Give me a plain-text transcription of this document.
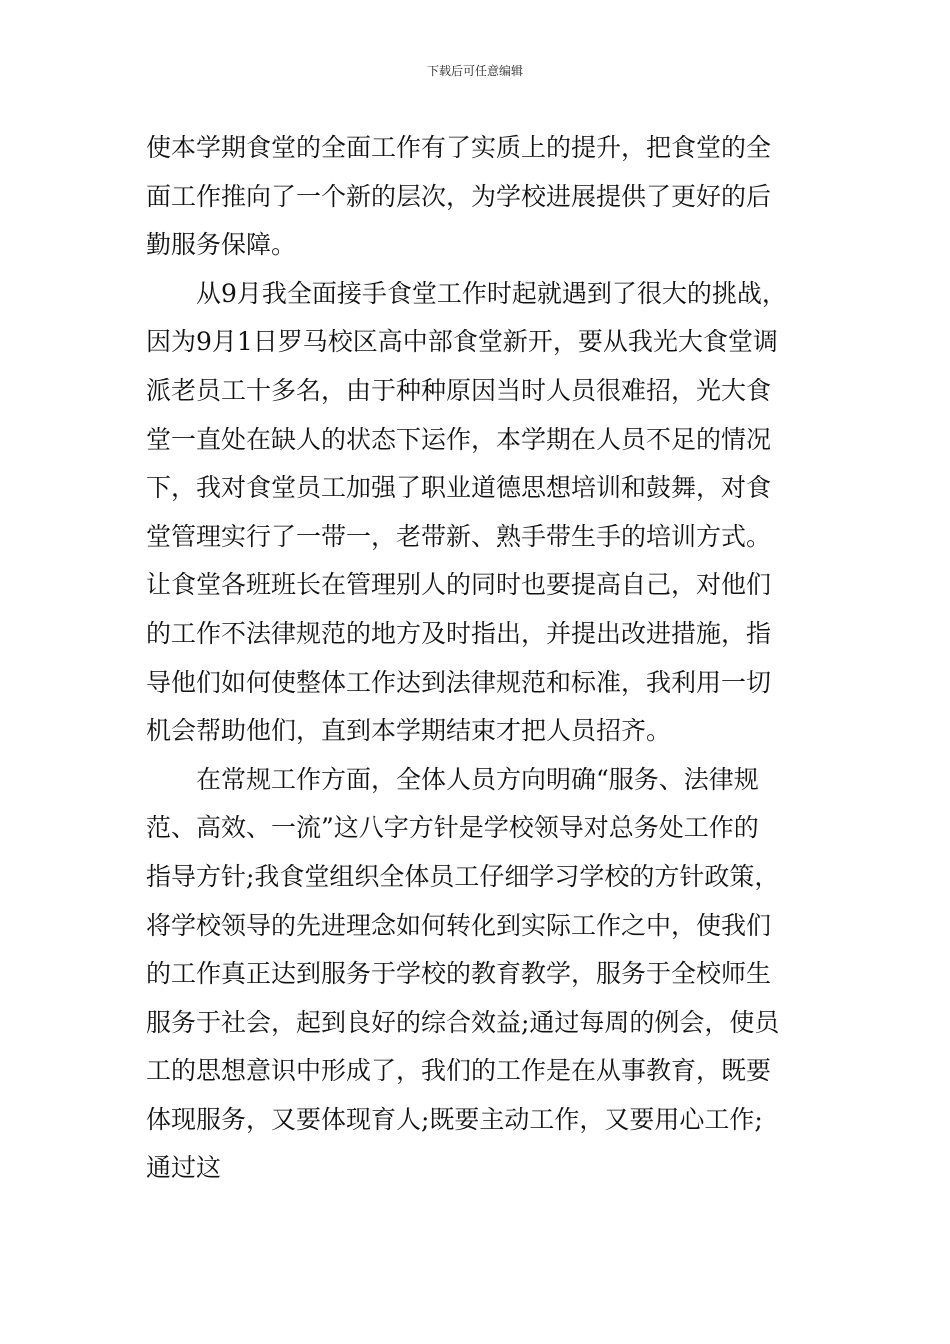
下载后可任意编辑
使本学期食堂的全面工作有了实质上的提升，把食堂的全
面工作推向了一个新的层次，为学校进展提供了更好的后
勤服务保障。
从9月我全面接手食堂工作时起就遇到了很大的挑战，
因为9月1日罗马校区高中部食堂新开，要从我光大食堂调
派老员工十多名，由于种种原因当时人员很难招，光大食
堂一直处在缺人的状态下运作，本学期在人员不足的情况
下，我对食堂员工加强了职业道德思想培训和鼓舞，对食
堂管理实行了一带一，老带新、熟手带生手的培训方式。
让食堂各班班长在管理别人的同时也要提高自己，对他们
的工作不法律规范的地方及时指出，并提出改进措施，指
导他们如何使整体工作达到法律规范和标准，我利用一切
机会帮助他们，直到本学期结束才把人员招齐。
在常规工作方面，全体人员方向明确“服务、法律规
范、高效、一流”这八字方针是学校领导对总务处工作的
指导方针;我食堂组织全体员工仔细学习学校的方针政策，
将学校领导的先进理念如何转化到实际工作之中，使我们
的工作真正达到服务于学校的教育教学，服务于全校师生
服务于社会，起到良好的综合效益;通过每周的例会，使员
工的思想意识中形成了，我们的工作是在从事教育，既要
体现服务，又要体现育人;既要主动工作，又要用心工作;
通过这
